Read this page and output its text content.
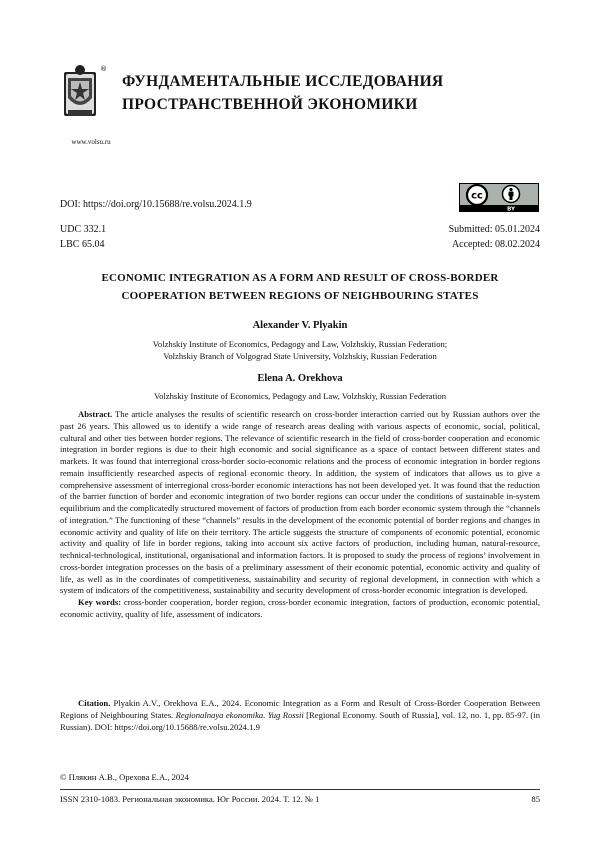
®
www.volsu.ru
ФУНДАМЕНТАЛЬНЫЕ ИССЛЕДОВАНИЯ
ПРОСТРАНСТВЕННОЙ ЭКОНОМИКИ
DOI: https://doi.org/10.15688/re.volsu.2024.1.9
cc
BY
UDC 332.1
LBC 65.04
Submitted: 05.01.2024
Accepted: 08.02.2024
ECONOMIC INTEGRATION AS A FORM AND RESULT OF CROSS-BORDER
COOPERATION BETWEEN REGIONS OF NEIGHBOURING STATES
Alexander V. Plyakin
Volzhskiy Institute of Economics, Pedagogy and Law, Volzhskiy, Russian Federation;
Volzhskiy Branch of Volgograd State University, Volzhskiy, Russian Federation
Elena A. Orekhova
Volzhskiy Institute of Economics, Pedagogy and Law, Volzhskiy, Russian Federation

Abstract. The article analyses the results of scientific research on cross-border interaction carried out by Russian authors over the past 26 years. This allowed us to identify a wide range of research areas dealing with various aspects of economic, social, political, cultural and other ties between border regions. The relevance of scientific research in the field of cross-border cooperation and economic integration in border regions is due to their high economic and social significance as a space of contact between different states and markets. It was found that interregional cross-border socio-economic relations and the process of economic integration in border regions remain insufficiently researched aspects of regional economic theory. In addition, the system of indicators that allows us to give a comprehensive assessment of interregional cross-border economic interactions has not been developed yet. It was found that the reduction of the barrier function of border and economic integration of two border regions can occur under the conditions of sustainable in-system equilibrium and the complicatedly structured movement of factors of production from each border economic system through the “channels of integration.” The functioning of these “channels” results in the development of the economic potential of border regions and changes in economic activity and quality of life on their territory. The article suggests the structure of components of economic potential, economic activity and quality of life in border regions, taking into account six active factors of production, including human, natural-resource, technical-technological, institutional, organisational and information factors. It is proposed to study the process of regions’ involvement in cross-border integration processes on the basis of a preliminary assessment of their economic potential, economic activity and quality of life, as well as in the coordinates of competitiveness, sustainability and security of regional development, in connection with which a system of indicators of the competitiveness, sustainability and security development of cross-border economic integration is developed.

Key words: cross-border cooperation, border region, cross-border economic integration, factors of production, economic potential, economic activity, quality of life, assessment of indicators.

Citation. Plyakin A.V., Orekhova E.A., 2024. Economic Integration as a Form and Result of Cross-Border Cooperation Between Regions of Neighbouring States. Regionalnaya ekonomika. Yug Rossii [Regional Economy. South of Russia], vol. 12, no. 1, pp. 85-97. (in Russian). DOI: https://doi.org/10.15688/re.volsu.2024.1.9

© Плякин А.В., Орехова Е.А., 2024
ISSN 2310-1083. Региональная экономика. Юг России. 2024. Т. 12. № 1	85
